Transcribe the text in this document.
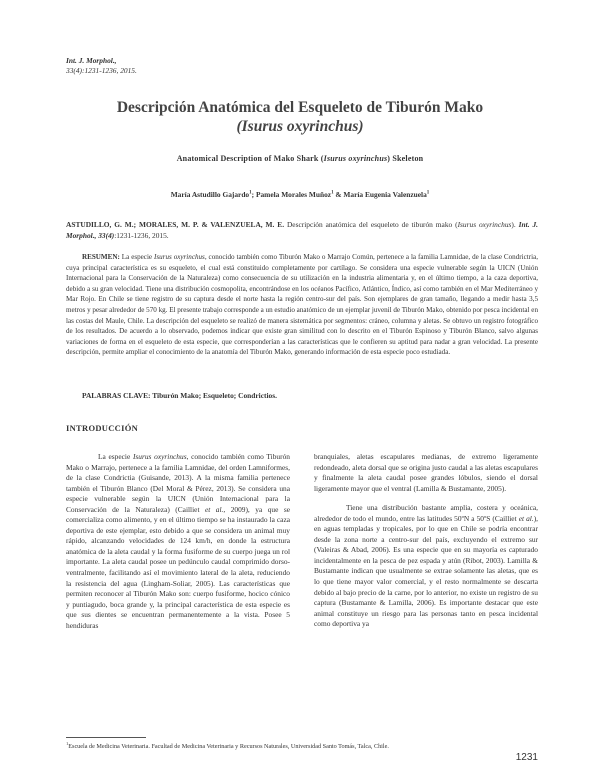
Int. J. Morphol.,
33(4):1231-1236, 2015.
Descripción Anatómica del Esqueleto de Tiburón Mako
(Isurus oxyrinchus)
Anatomical Description of Mako Shark (Isurus oxyrinchus) Skeleton
María Astudillo Gajardo$^1$; Pamela Morales Muñoz$^1$ & María Eugenia Valenzuela$^1$
ASTUDILLO, G. M.; MORALES, M. P. & VALENZUELA, M. E. Descripción anatómica del esqueleto de tiburón mako (Isurus oxyrinchus). Int. J. Morphol., 33(4):1231-1236, 2015.
RESUMEN: La especie Isurus oxyrinchus, conocido también como Tiburón Mako o Marrajo Común, pertenece a la familia Lamnidae, de la clase Condrictria, cuya principal característica es su esqueleto, el cual está constituido completamente por cartílago. Se considera una especie vulnerable según la UICN (Unión Internacional para la Conservación de la Naturaleza) como consecuencia de su utilización en la industria alimentaria y, en el último tiempo, a la caza deportiva, debido a su gran velocidad. Tiene una distribución cosmopolita, encontrándose en los océanos Pacífico, Atlántico, Índico, así como también en el Mar Mediterráneo y Mar Rojo. En Chile se tiene registro de su captura desde el norte hasta la región centro-sur del país. Son ejemplares de gran tamaño, llegando a medir hasta 3,5 metros y pesar alrededor de 570 kg. El presente trabajo corresponde a un estudio anatómico de un ejemplar juvenil de Tiburón Mako, obtenido por pesca incidental en las costas del Maule, Chile. La descripción del esqueleto se realizó de manera sistemática por segmentos: cráneo, columna y aletas. Se obtuvo un registro fotográfico de los resultados. De acuerdo a lo observado, podemos indicar que existe gran similitud con lo descrito en el Tiburón Espinoso y Tiburón Blanco, salvo algunas variaciones de forma en el esqueleto de esta especie, que corresponderían a las características que le confieren su aptitud para nadar a gran velocidad. La presente descripción, permite ampliar el conocimiento de la anatomía del Tiburón Mako, generando información de esta especie poco estudiada.
PALABRAS CLAVE: Tiburón Mako; Esqueleto; Condrictios.
INTRODUCCIÓN

La especie Isurus oxyrinchus, conocido también como Tiburón Mako o Marrajo, pertenece a la familia Lamnidae, del orden Lamniformes, de la clase Condrictia (Guisande, 2013). A la misma familia pertenece también el Tiburón Blanco (Del Moral & Pérez, 2013). Se considera una especie vulnerable según la UICN (Unión Internacional para la Conservación de la Naturaleza) (Cailliet et al., 2009), ya que se comercializa como alimento, y en el último tiempo se ha instaurado la caza deportiva de este ejemplar, esto debido a que se considera un animal muy rápido, alcanzando velocidades de 124 km/h, en donde la estructura anatómica de la aleta caudal y la forma fusiforme de su cuerpo juega un rol importante. La aleta caudal posee un pedúnculo caudal comprimido dorso-ventralmente, facilitando así el movimiento lateral de la aleta, reduciendo la resistencia del agua (Lingham-Soliar, 2005). Las características que permiten reconocer al Tiburón Mako son: cuerpo fusiforme, hocico cónico y puntiagudo, boca grande y, la principal característica de esta especie es que sus dientes se encuentran permanentemente a la vista. Posee 5 hendiduras

branquiales, aletas escapulares medianas, de extremo ligeramente redondeado, aleta dorsal que se origina justo caudal a las aletas escapulares y finalmente la aleta caudal posee grandes lóbulos, siendo el dorsal ligeramente mayor que el ventral (Lamilla & Bustamante, 2005).

Tiene una distribución bastante amplia, costera y oceánica, alrededor de todo el mundo, entre las latitudes 50ºN a 50ºS (Cailliet et al.), en aguas templadas y tropicales, por lo que en Chile se podría encontrar desde la zona norte a centro-sur del país, excluyendo el extremo sur (Valeiras & Abad, 2006). Es una especie que en su mayoría es capturado incidentalmente en la pesca de pez espada y atún (Ribot, 2003). Lamilla & Bustamante indican que usualmente se extrae solamente las aletas, que es lo que tiene mayor valor comercial, y el resto normalmente se descarta debido al bajo precio de la carne, por lo anterior, no existe un registro de su captura (Bustamante & Lamilla, 2006). Es importante destacar que este animal constituye un riesgo para las personas tanto en pesca incidental como deportiva ya

$^1$Escuela de Medicina Veterinaria. Facultad de Medicina Veterinaria y Recursos Naturales, Universidad Santo Tomás, Talca, Chile.
1231
